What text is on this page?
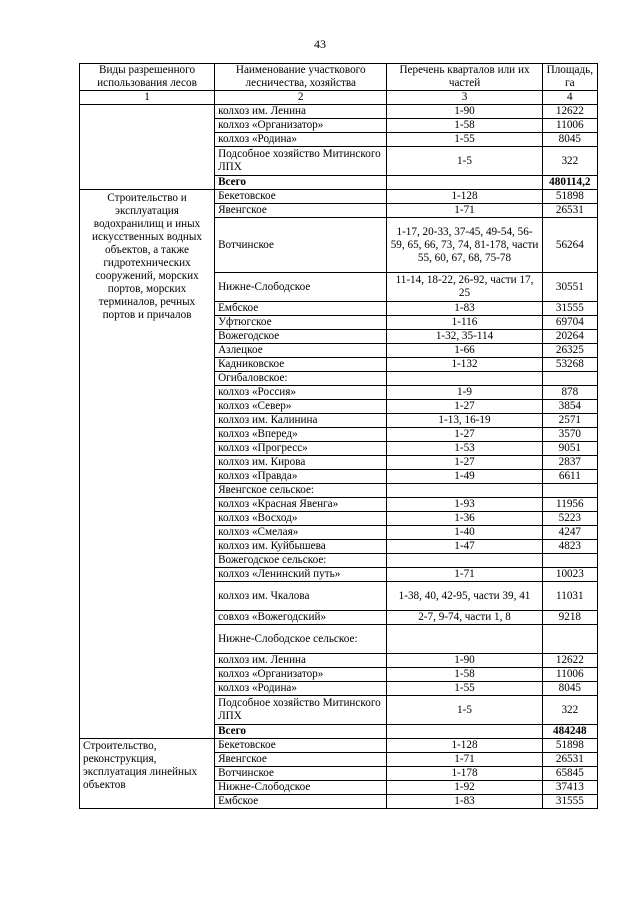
43
Виды разрешенного использования лесов	Наименование участкового лесничества, хозяйства	Перечень кварталов или их частей	Площадь, га
1	2	3	4
	колхоз им. Ленина	1-90	12622
	колхоз «Организатор»	1-58	11006
	колхоз «Родина»	1-55	8045
	Подсобное хозяйство Митинского ЛПХ	1-5	322
	Всего		480114,2
Строительство и эксплуатация водохранилищ и иных искусственных водных объектов, а также гидротехнических сооружений, морских портов, морских терминалов, речных портов и причалов	Бекетовское	1-128	51898
	Явенгское	1-71	26531
	Вотчинское	1-17, 20-33, 37-45, 49-54, 56-59, 65, 66, 73, 74, 81-178, части 55, 60, 67, 68, 75-78	56264
	Нижне-Слободское	11-14, 18-22, 26-92, части 17, 25	30551
	Ембское	1-83	31555
	Уфтюгское	1-116	69704
	Вожегодское	1-32, 35-114	20264
	Азлецкое	1-66	26325
	Кадниковское	1-132	53268
	Огибаловское:		
	колхоз «Россия»	1-9	878
	колхоз «Север»	1-27	3854
	колхоз им. Калинина	1-13, 16-19	2571
	колхоз «Вперед»	1-27	3570
	колхоз «Прогресс»	1-53	9051
	колхоз им. Кирова	1-27	2837
	колхоз «Правда»	1-49	6611
	Явенгское сельское:		
	колхоз «Красная Явенга»	1-93	11956
	колхоз «Восход»	1-36	5223
	колхоз «Смелая»	1-40	4247
	колхоз им. Куйбышева	1-47	4823
	Вожегодское сельское:		
	колхоз «Ленинский путь»	1-71	10023
	колхоз им. Чкалова	1-38, 40, 42-95, части 39, 41	11031
	совхоз «Вожегодский»	2-7, 9-74, части 1, 8	9218
	Нижне-Слободское сельское:		
	колхоз им. Ленина	1-90	12622
	колхоз «Организатор»	1-58	11006
	колхоз «Родина»	1-55	8045
	Подсобное хозяйство Митинского ЛПХ	1-5	322
	Всего		484248
Строительство, реконструкция, эксплуатация линейных объектов	Бекетовское	1-128	51898
	Явенгское	1-71	26531
	Вотчинское	1-178	65845
	Нижне-Слободское	1-92	37413
	Ембское	1-83	31555
